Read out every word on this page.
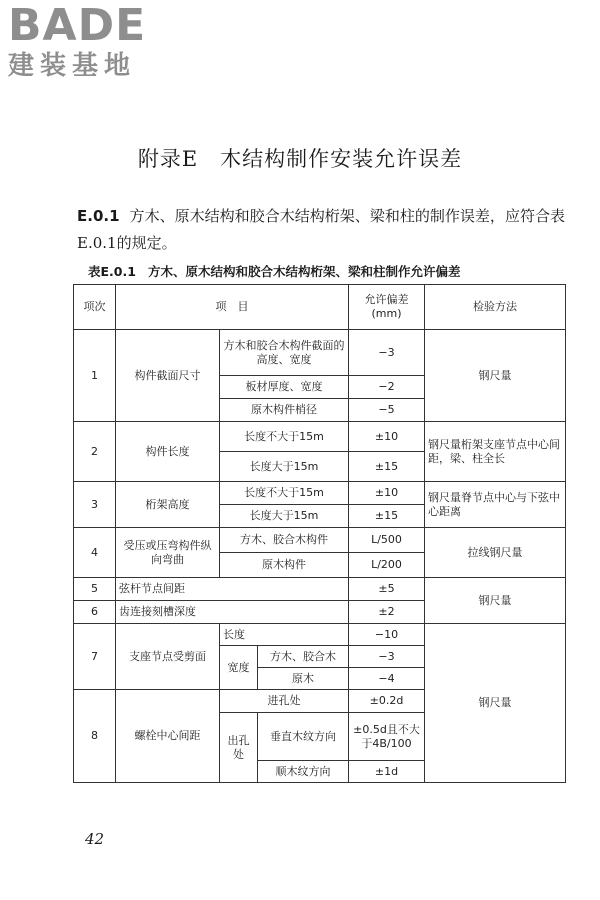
BADE
建装基地
附录E 木结构制作安装允许误差
E.0.1 方木、原木结构和胶合木结构桁架、梁和柱的制作误差，应符合表E.0.1的规定。
表E.0.1 方木、原木结构和胶合木结构桁架、梁和柱制作允许偏差
项次	项　目			允许偏差(mm)	检验方法
1	构件截面尺寸	方木和胶合木构件截面的高度、宽度		−3	钢尺量
		板材厚度、宽度		−2	
		原木构件梢径		−5	
2	构件长度	长度不大于15m		±10	钢尺量桁架支座节点中心间距，梁、柱全长
		长度大于15m		±15	
3	桁架高度	长度不大于15m		±10	钢尺量脊节点中心与下弦中心距离
		长度大于15m		±15	
4	受压或压弯构件纵向弯曲	方木、胶合木构件		L/500	拉线钢尺量
		原木构件		L/200	
5	弦杆节点间距			±5	钢尺量
6	齿连接刻槽深度			±2	
7	支座节点受剪面	长度		−10	钢尺量
		宽度	方木、胶合木	−3	
			原木	−4	
8	螺栓中心间距	进孔处		±0.2d	
		出孔处	垂直木纹方向	±0.5d且不大于4B/100	

			顺木纹方向	±1d	
42
